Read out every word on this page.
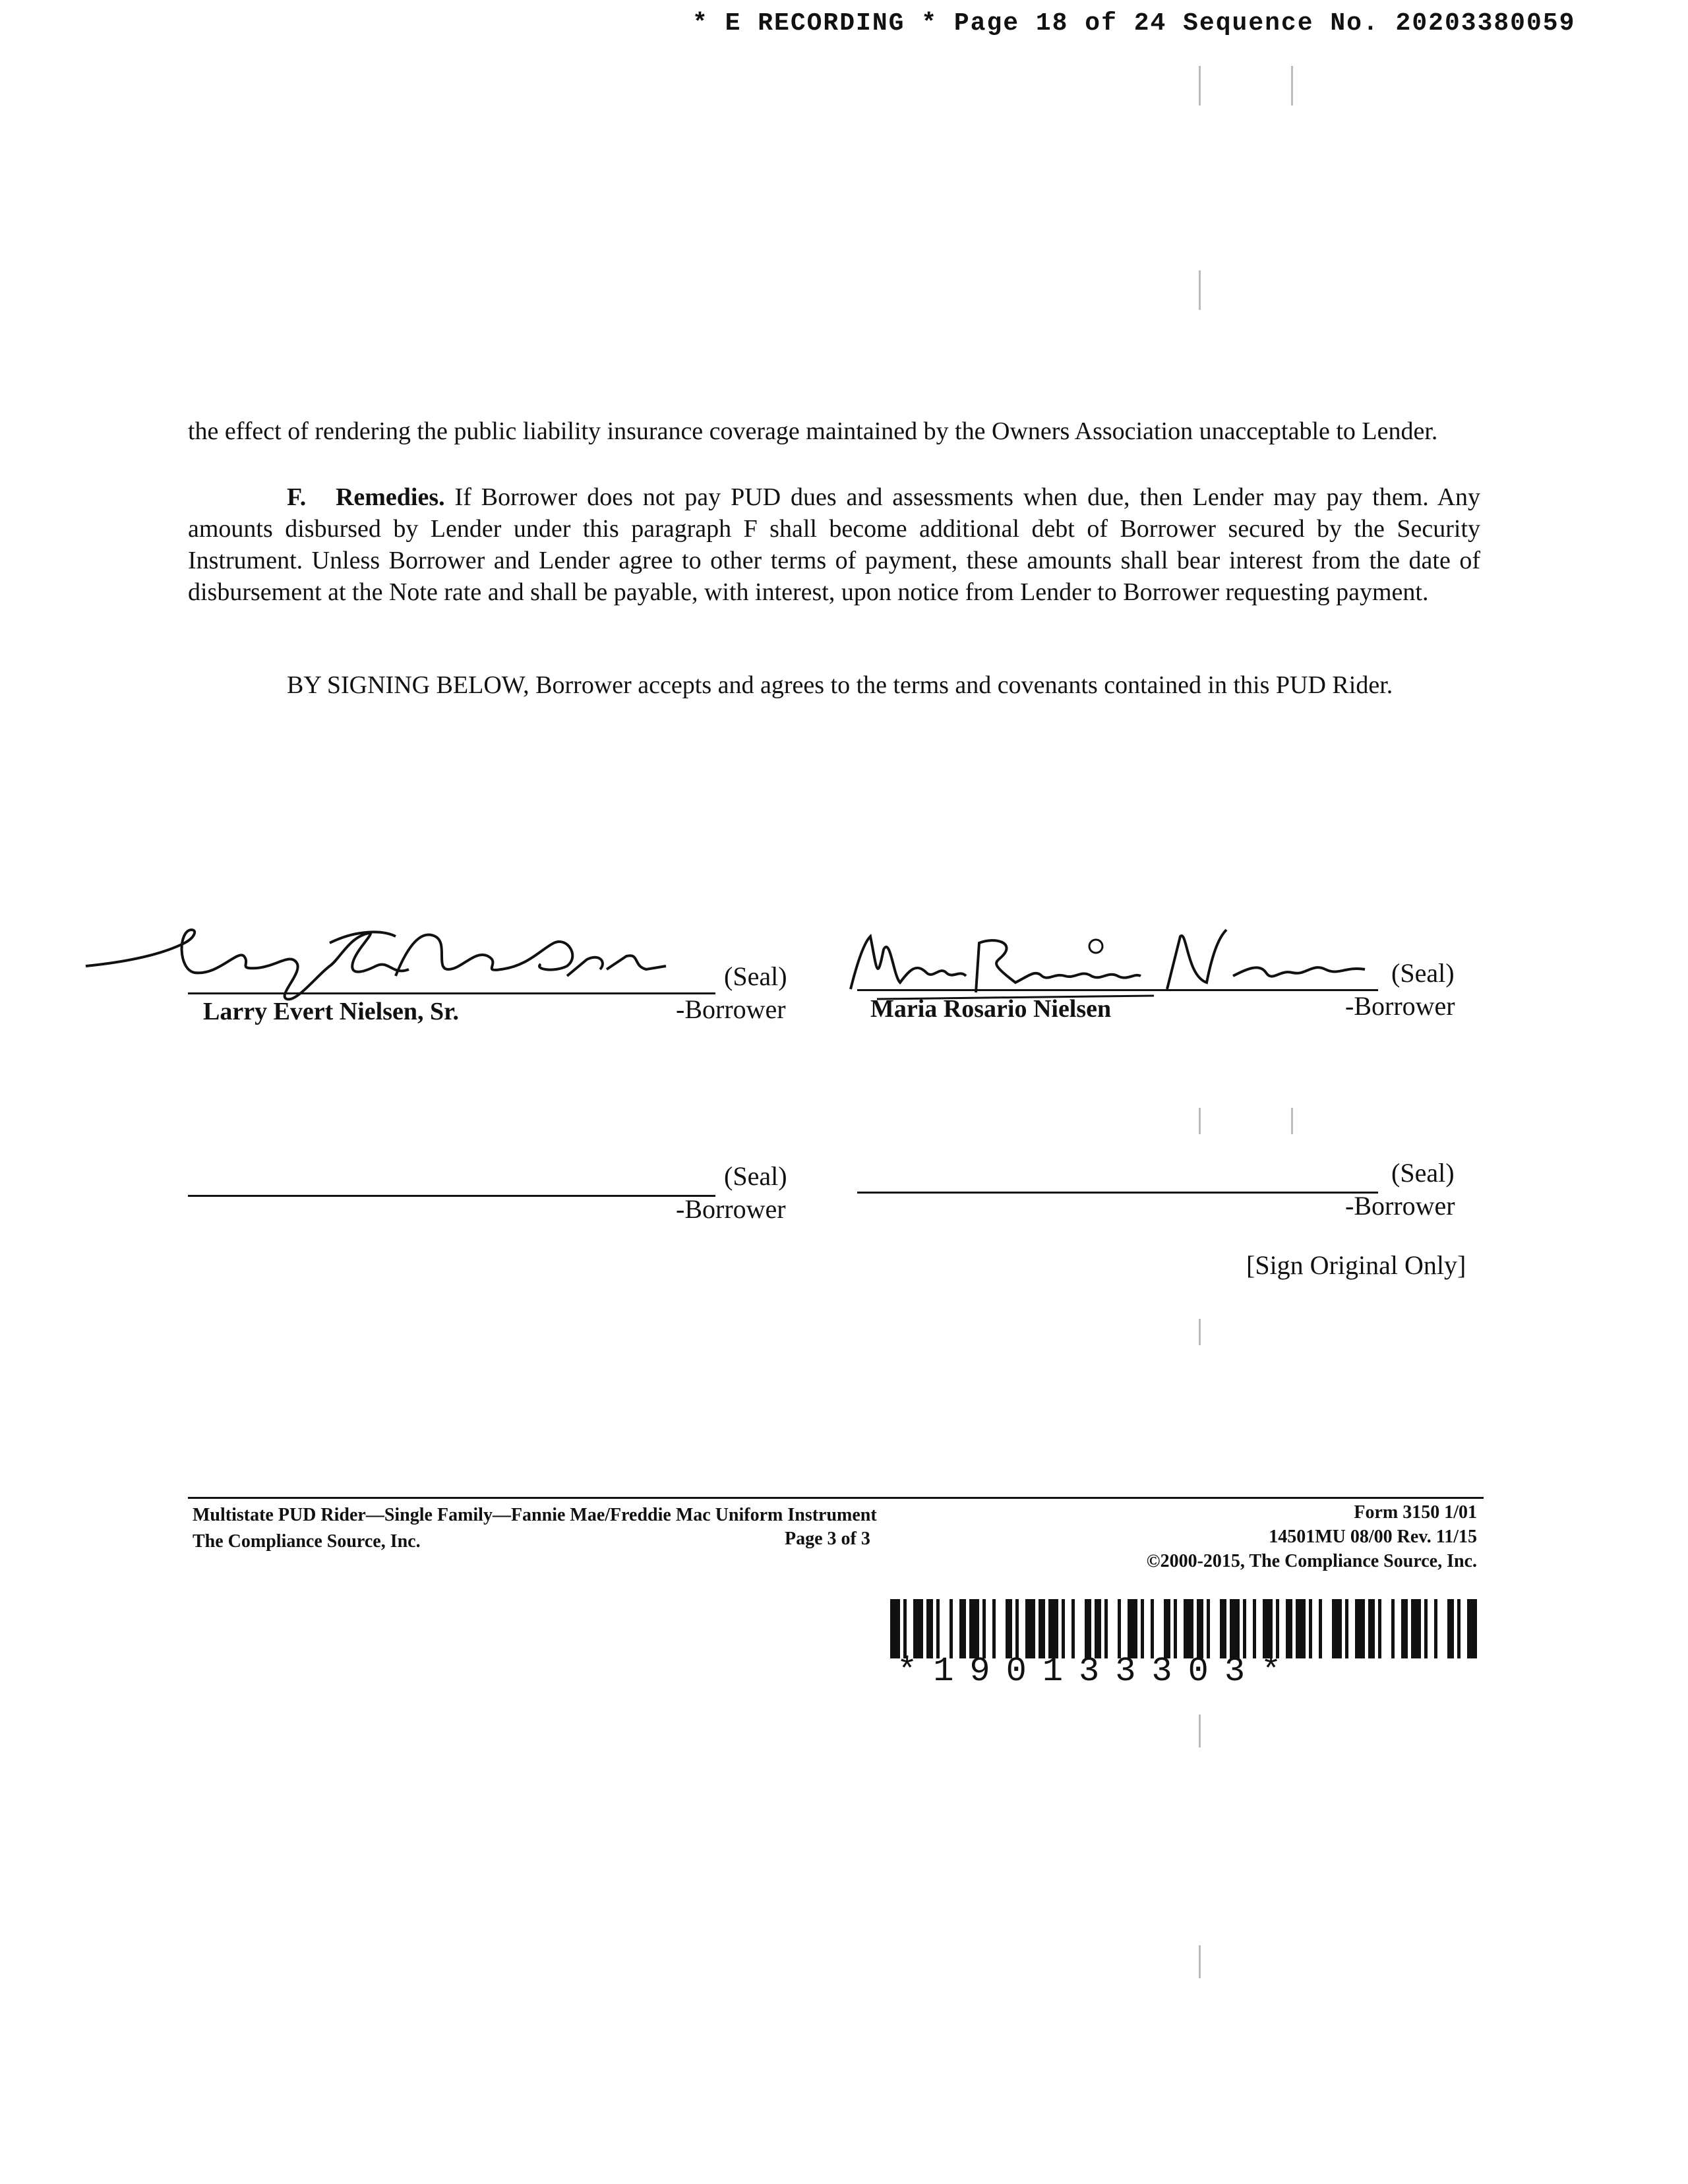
* E RECORDING * Page 18 of 24 Sequence No. 20203380059
the effect of rendering the public liability insurance coverage maintained by the Owners Association unacceptable to Lender.
F. Remedies. If Borrower does not pay PUD dues and assessments when due, then Lender may pay them. Any amounts disbursed by Lender under this paragraph F shall become additional debt of Borrower secured by the Security Instrument. Unless Borrower and Lender agree to other terms of payment, these amounts shall bear interest from the date of disbursement at the Note rate and shall be payable, with interest, upon notice from Lender to Borrower requesting payment.
BY SIGNING BELOW, Borrower accepts and agrees to the terms and covenants contained in this PUD Rider.
(Seal)
-Borrower
Larry Evert Nielsen, Sr.
(Seal)
-Borrower
Maria Rosario Nielsen
(Seal)
-Borrower
(Seal)
-Borrower
[Sign Original Only]
Multistate PUD Rider—Single Family—Fannie Mae/Freddie Mac Uniform Instrument
The Compliance Source, Inc.	Page 3 of 3
Form 3150 1/01
14501MU 08/00 Rev. 11/15
©2000-2015, The Compliance Source, Inc.
*190133303*
